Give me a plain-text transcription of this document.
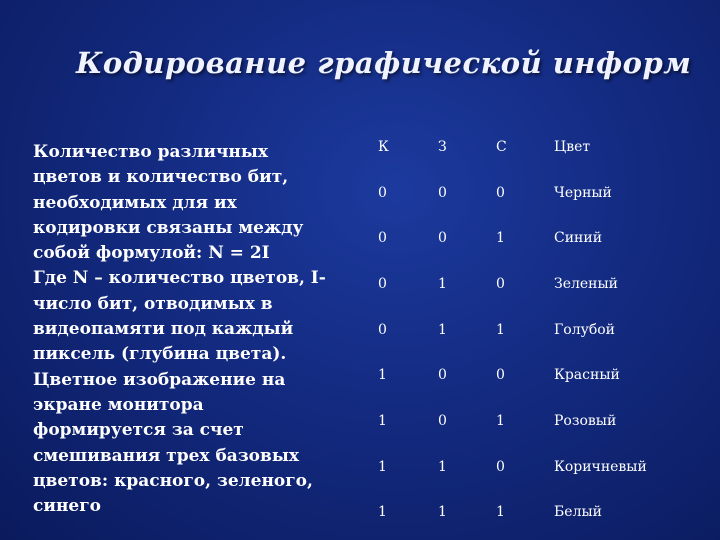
Кодирование графической информ

Количество различных
цветов и количество бит,
необходимых для их
кодировки связаны между
собой формулой: N = 2I
Где N – количество цветов, I-
число бит, отводимых в
видеопамяти под каждый
пиксель (глубина цвета).
Цветное изображение на
экране монитора
формируется за счет
смешивания трех базовых
цветов: красного, зеленого,
синего

К	З	С	Цвет
0	0	0	Черный
0	0	1	Синий
0	1	0	Зеленый
0	1	1	Голубой
1	0	0	Красный
1	0	1	Розовый
1	1	0	Коричневый
1	1	1	Белый
